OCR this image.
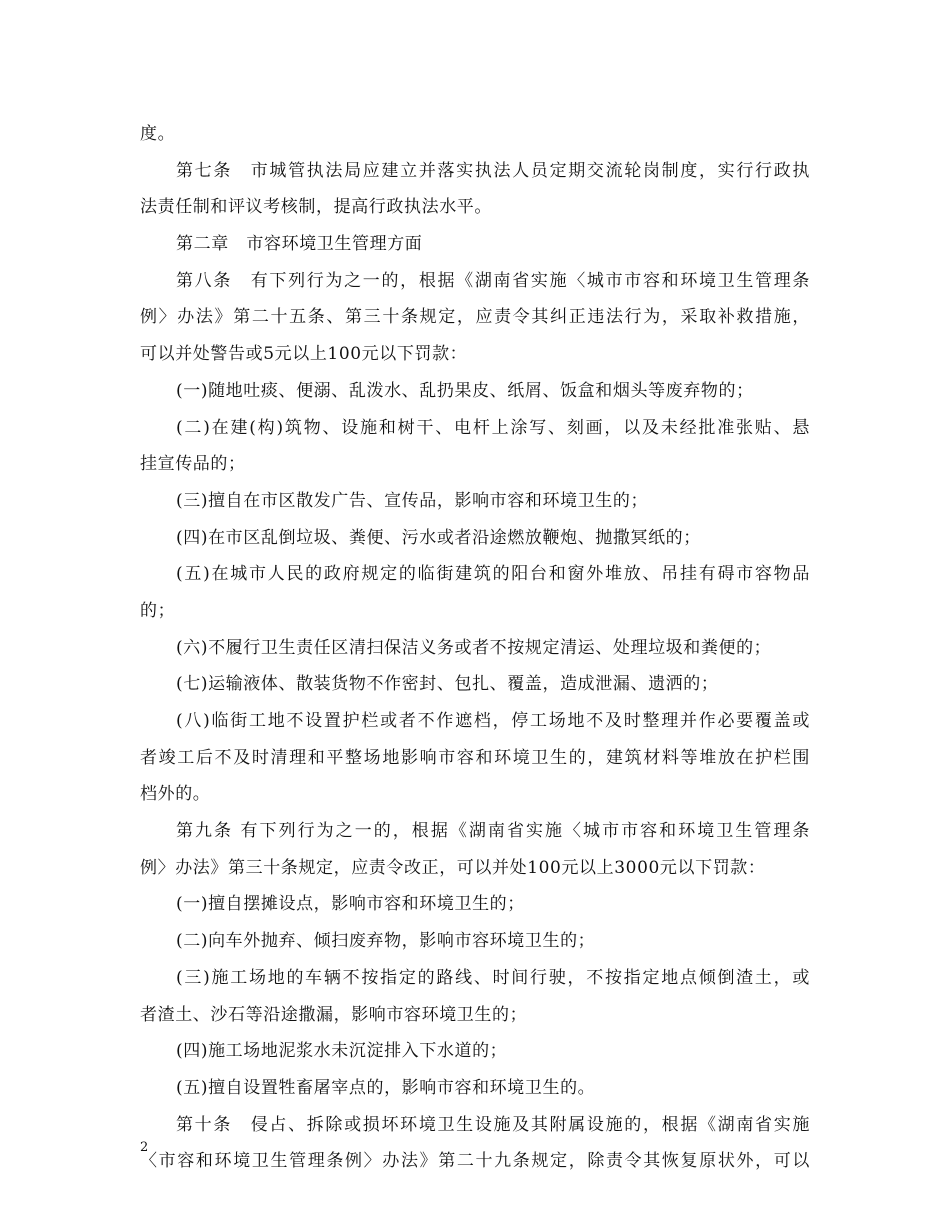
度。
第七条　市城管执法局应建立并落实执法人员定期交流轮岗制度，实行行政执
法责任制和评议考核制，提高行政执法水平。
第二章　市容环境卫生管理方面
第八条　有下列行为之一的，根据《湖南省实施〈城市市容和环境卫生管理条
例〉办法》第二十五条、第三十条规定，应责令其纠正违法行为，采取补救措施，
可以并处警告或5元以上100元以下罚款：
(一)随地吐痰、便溺、乱泼水、乱扔果皮、纸屑、饭盒和烟头等废弃物的；
(二)在建(构)筑物、设施和树干、电杆上涂写、刻画，以及未经批准张贴、悬
挂宣传品的；
(三)擅自在市区散发广告、宣传品，影响市容和环境卫生的；
(四)在市区乱倒垃圾、粪便、污水或者沿途燃放鞭炮、抛撒冥纸的；
(五)在城市人民的政府规定的临街建筑的阳台和窗外堆放、吊挂有碍市容物品
的；
(六)不履行卫生责任区清扫保洁义务或者不按规定清运、处理垃圾和粪便的；
(七)运输液体、散装货物不作密封、包扎、覆盖，造成泄漏、遗洒的；
(八)临街工地不设置护栏或者不作遮档，停工场地不及时整理并作必要覆盖或
者竣工后不及时清理和平整场地影响市容和环境卫生的，建筑材料等堆放在护栏围
档外的。
第九条 有下列行为之一的，根据《湖南省实施〈城市市容和环境卫生管理条
例〉办法》第三十条规定，应责令改正，可以并处100元以上3000元以下罚款：
(一)擅自摆摊设点，影响市容和环境卫生的；
(二)向车外抛弃、倾扫废弃物，影响市容环境卫生的；
(三)施工场地的车辆不按指定的路线、时间行驶，不按指定地点倾倒渣土，或
者渣土、沙石等沿途撒漏，影响市容环境卫生的；
(四)施工场地泥浆水未沉淀排入下水道的；
(五)擅自设置牲畜屠宰点的，影响市容和环境卫生的。
第十条　侵占、拆除或损坏环境卫生设施及其附属设施的，根据《湖南省实施
〈市容和环境卫生管理条例〉办法》第二十九条规定，除责令其恢复原状外，可以
2
